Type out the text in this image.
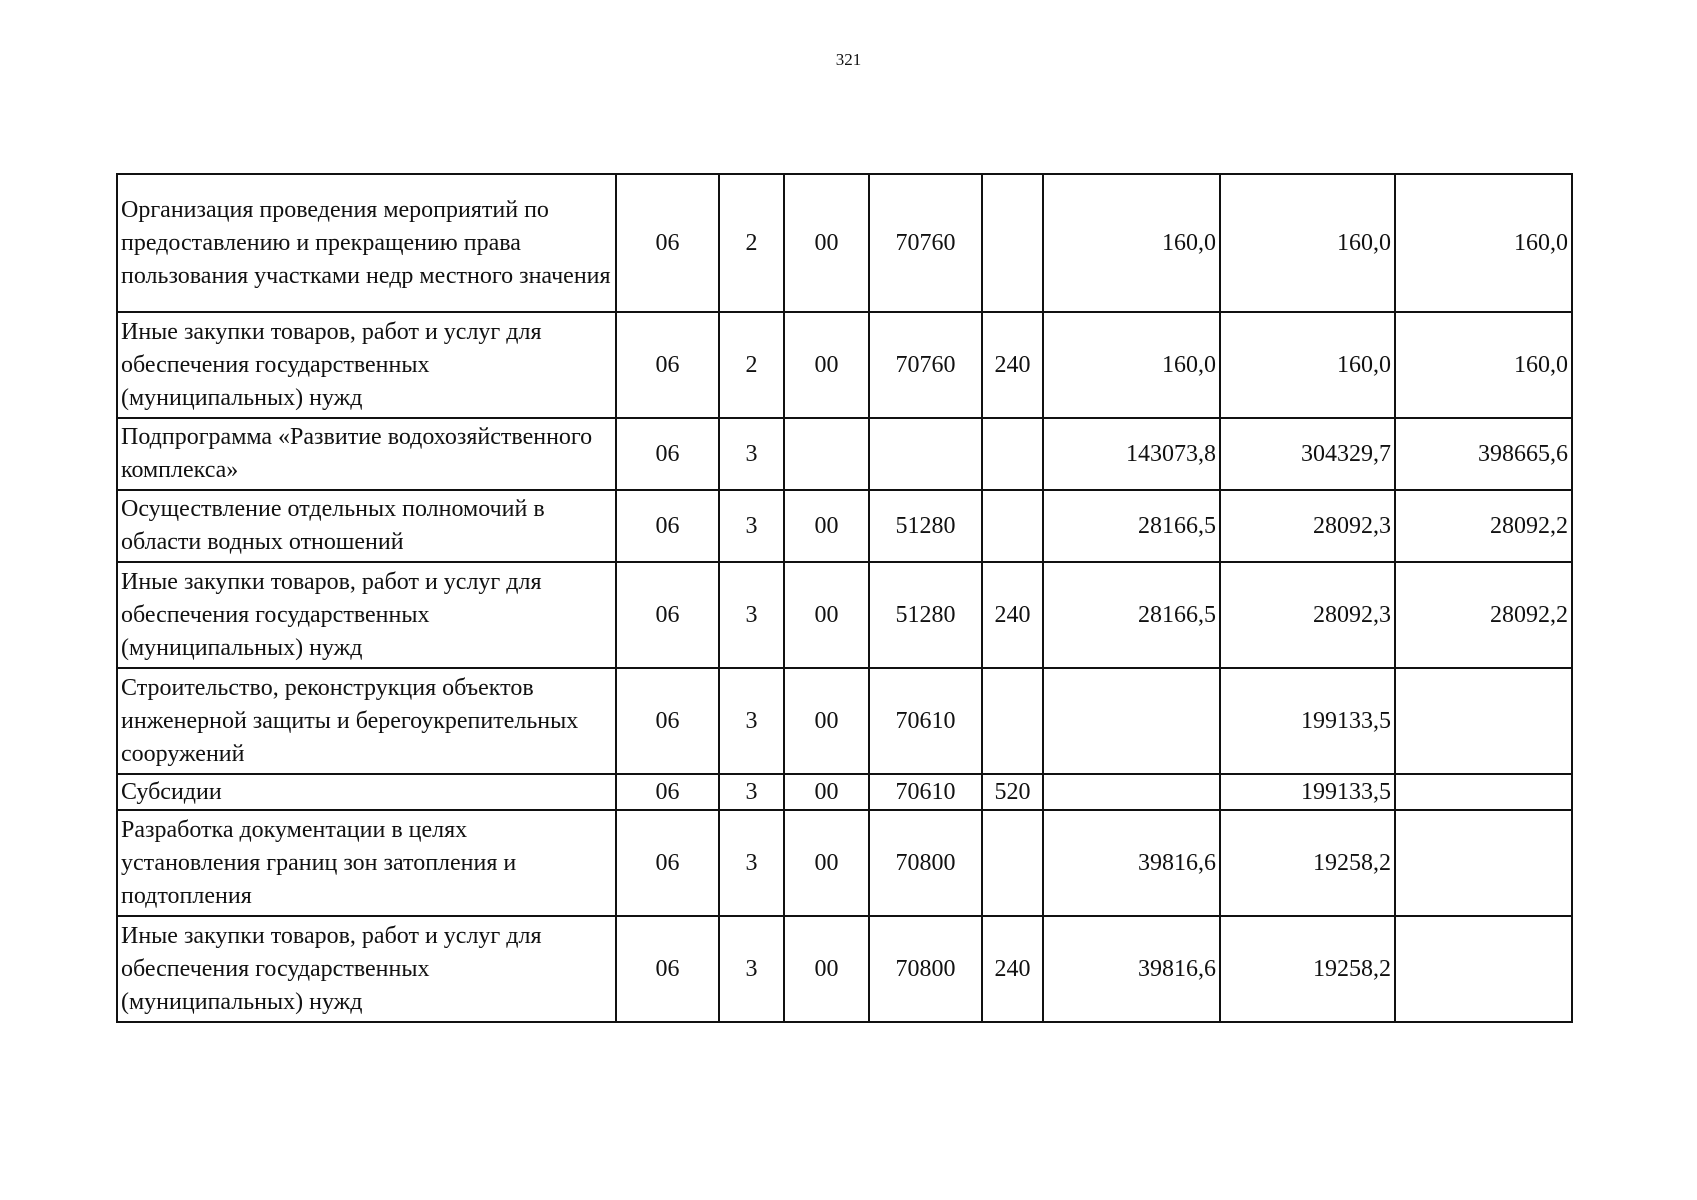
321
Организация проведения мероприятий по предоставлению и прекращению права пользования участками недр местного значения	06	2	00	70760		160,0	160,0	160,0
Иные закупки товаров, работ и услуг для обеспечения государственных (муниципальных) нужд	06	2	00	70760	240	160,0	160,0	160,0
Подпрограмма «Развитие водохозяйственного комплекса»	06	3				143073,8	304329,7	398665,6
Осуществление отдельных полномочий в области водных отношений	06	3	00	51280		28166,5	28092,3	28092,2
Иные закупки товаров, работ и услуг для обеспечения государственных (муниципальных) нужд	06	3	00	51280	240	28166,5	28092,3	28092,2
Строительство, реконструкция объектов инженерной защиты и берегоукрепительных сооружений	06	3	00	70610			199133,5	
Субсидии	06	3	00	70610	520		199133,5	
Разработка документации в целях установления границ зон затопления и подтопления	06	3	00	70800		39816,6	19258,2	
Иные закупки товаров, работ и услуг для обеспечения государственных (муниципальных) нужд	06	3	00	70800	240	39816,6	19258,2	
